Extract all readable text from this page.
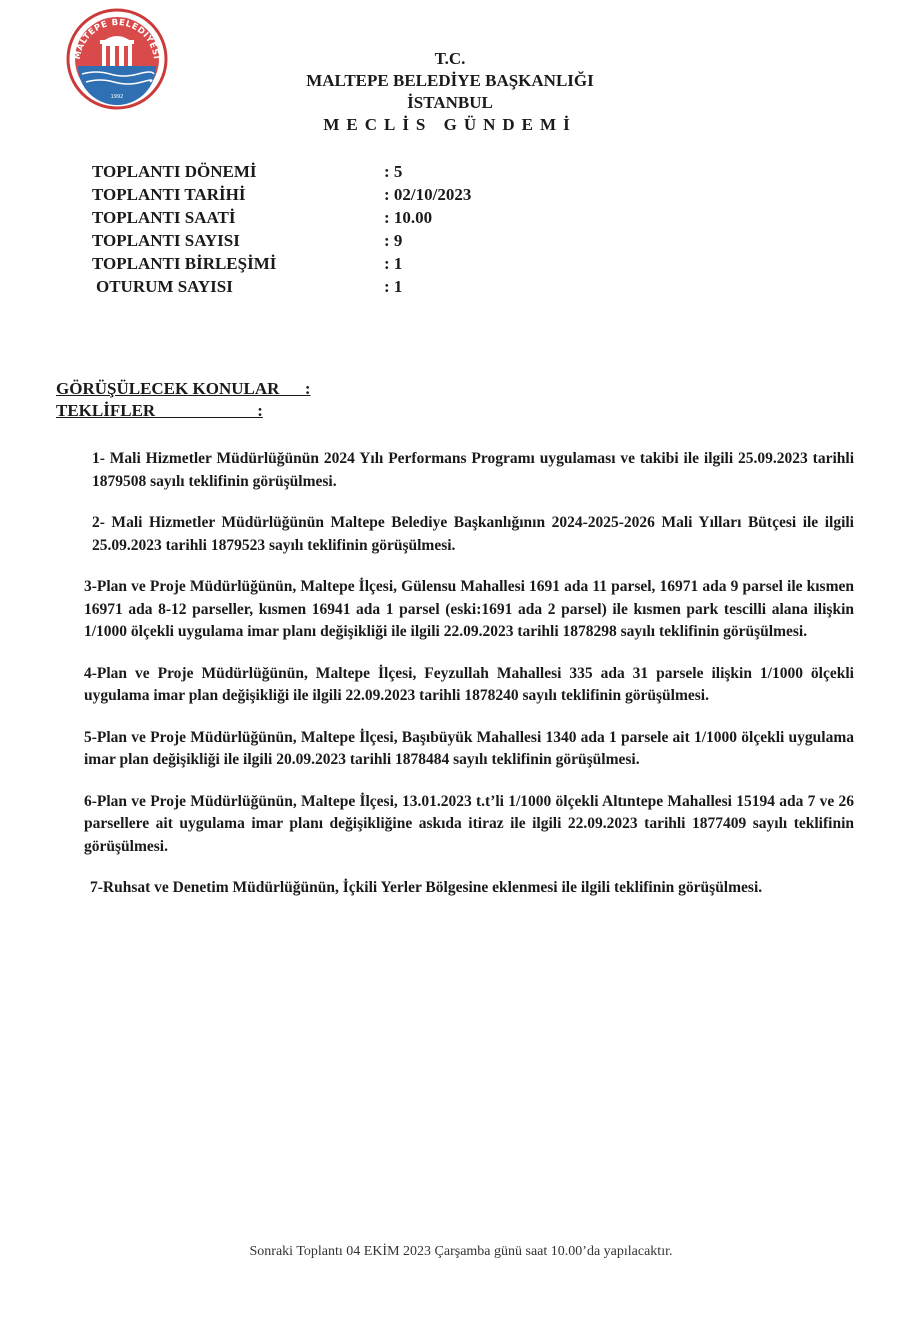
MALTEPE BELEDİYESİ
1992
T.C.
MALTEPE BELEDİYE BAŞKANLIĞI
İSTANBUL
MECLİS GÜNDEMİ
TOPLANTI DÖNEMİ	: 5
TOPLANTI TARİHİ	: 02/10/2023
TOPLANTI SAATİ	: 10.00
TOPLANTI SAYISI	: 9
TOPLANTI BİRLEŞİMİ	: 1
OTURUM SAYISI	: 1
GÖRÜŞÜLECEK KONULAR      :
TEKLİFLER                        :
1- Mali Hizmetler Müdürlüğünün 2024 Yılı Performans Programı uygulaması ve takibi ile ilgili 25.09.2023 tarihli 1879508 sayılı teklifinin görüşülmesi.
2- Mali Hizmetler Müdürlüğünün Maltepe Belediye Başkanlığının 2024-2025-2026 Mali Yılları Bütçesi ile ilgili 25.09.2023 tarihli 1879523 sayılı teklifinin görüşülmesi.
3-Plan ve Proje Müdürlüğünün, Maltepe İlçesi, Gülensu Mahallesi 1691 ada 11 parsel, 16971 ada 9 parsel ile kısmen 16971 ada 8-12 parseller, kısmen 16941 ada 1 parsel (eski:1691 ada 2 parsel) ile kısmen park tescilli alana ilişkin 1/1000 ölçekli uygulama imar planı değişikliği ile ilgili 22.09.2023 tarihli 1878298 sayılı teklifinin görüşülmesi.
4-Plan ve Proje Müdürlüğünün, Maltepe İlçesi, Feyzullah Mahallesi 335 ada 31 parsele ilişkin 1/1000 ölçekli uygulama imar plan değişikliği ile ilgili 22.09.2023 tarihli 1878240 sayılı teklifinin görüşülmesi.
5-Plan ve Proje Müdürlüğünün, Maltepe İlçesi, Başıbüyük Mahallesi 1340 ada 1 parsele ait 1/1000 ölçekli uygulama imar plan değişikliği ile ilgili 20.09.2023 tarihli 1878484 sayılı teklifinin görüşülmesi.
6-Plan ve Proje Müdürlüğünün, Maltepe İlçesi, 13.01.2023 t.t’li 1/1000 ölçekli Altıntepe Mahallesi 15194 ada 7 ve 26 parsellere ait uygulama imar planı değişikliğine askıda itiraz ile ilgili 22.09.2023 tarihli 1877409 sayılı teklifinin görüşülmesi.
7-Ruhsat ve Denetim Müdürlüğünün, İçkili Yerler Bölgesine eklenmesi ile ilgili teklifinin görüşülmesi.
Sonraki Toplantı 04 EKİM 2023 Çarşamba günü saat 10.00’da yapılacaktır.
